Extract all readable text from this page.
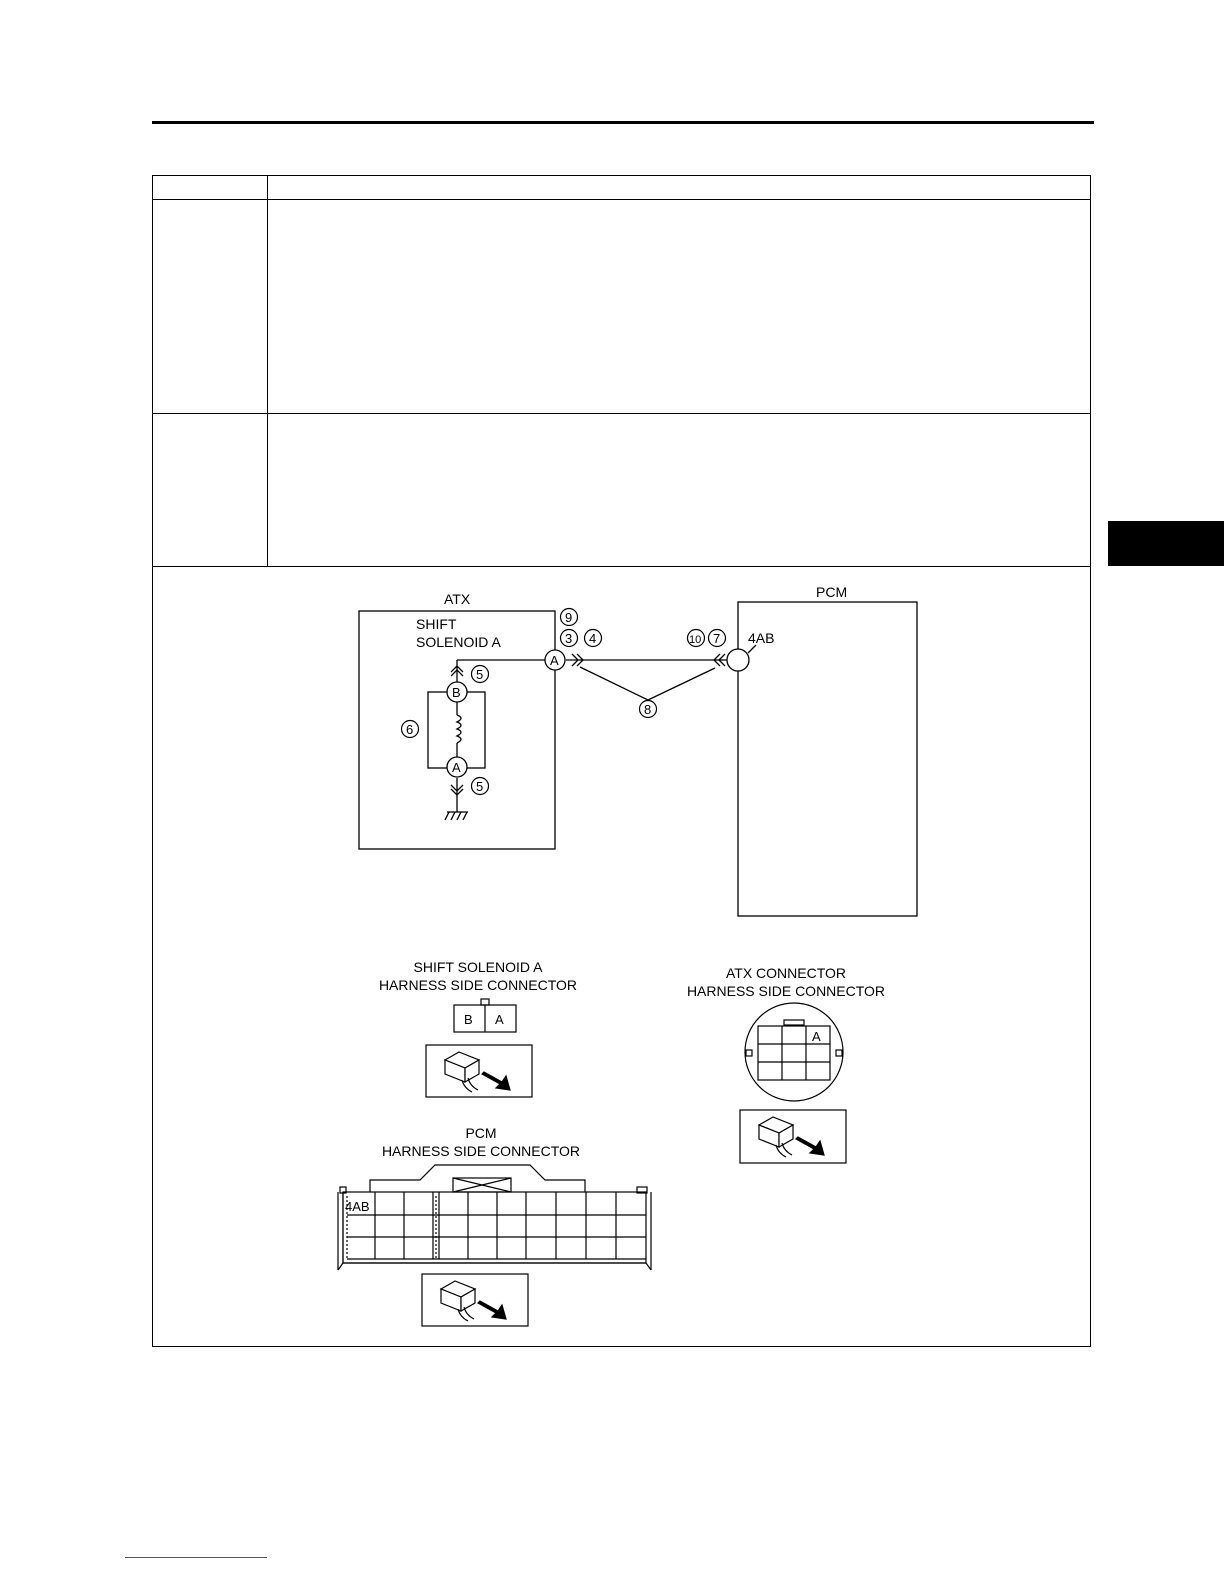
ATX
SHIFT
SOLENOID A
PCM
4AB
B
A
A
9
3 4	10 7
8
5
5
6
SHIFT SOLENOID A
HARNESS SIDE CONNECTOR
B A
ATX CONNECTOR
HARNESS SIDE CONNECTOR
A
PCM
HARNESS SIDE CONNECTOR
4AB
